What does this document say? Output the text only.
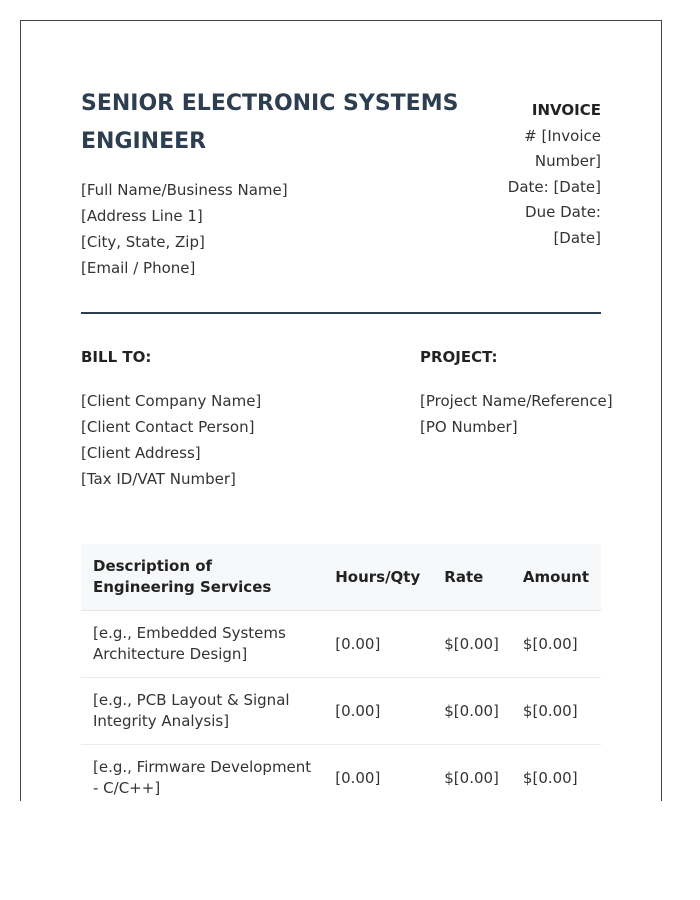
SENIOR ELECTRONIC SYSTEMS ENGINEER
[Full Name/Business Name]
[Address Line 1]
[City, State, Zip]
[Email / Phone]
INVOICE
# [Invoice Number]
Date: [Date]
Due Date: [Date]
BILL TO:	PROJECT:
[Client Company Name]
[Client Contact Person]
[Client Address]
[Tax ID/VAT Number]
[Project Name/Reference]
[PO Number]
Description of Engineering Services	Hours/Qty	Rate	Amount
[e.g., Embedded Systems Architecture Design]	[0.00]	$[0.00]	$[0.00]
[e.g., PCB Layout & Signal Integrity Analysis]	[0.00]	$[0.00]	$[0.00]
[e.g., Firmware Development - C/C++]	[0.00]	$[0.00]	$[0.00]
